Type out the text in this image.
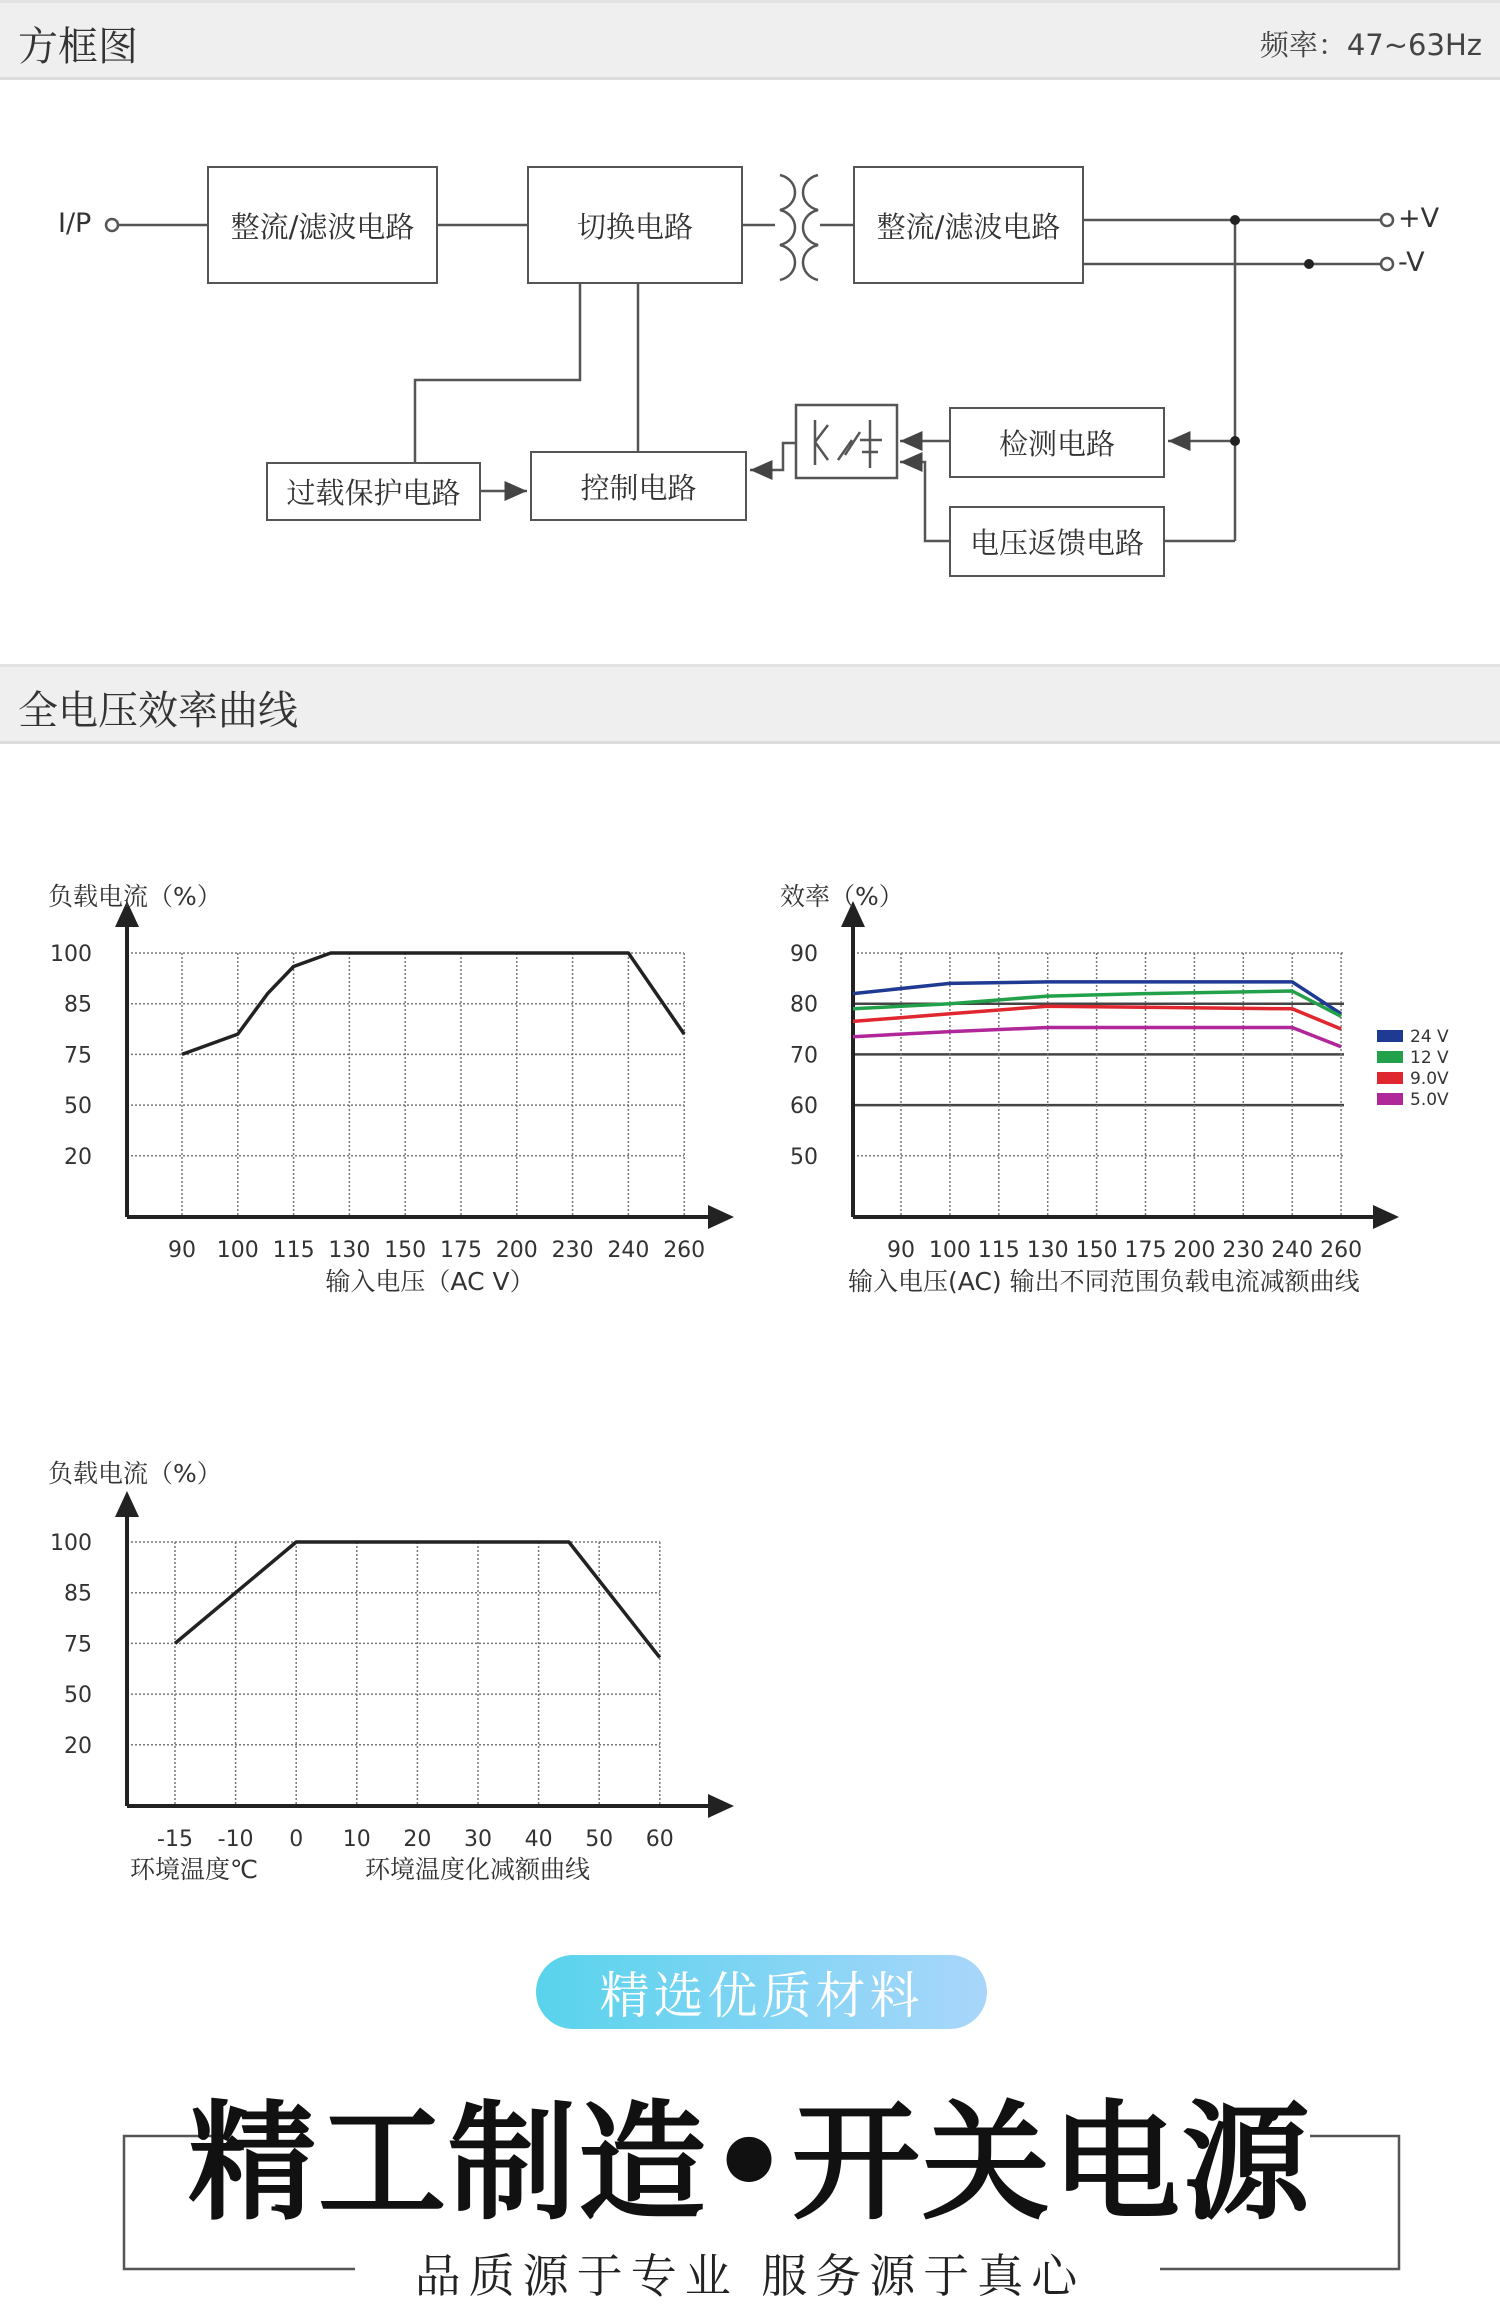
方框图	频率：47~63Hz
I/P	整流/滤波电路	切换电路	整流/滤波电路	+V
-V
过载保护电路	控制电路
检测电路
电压返馈电路
全电压效率曲线
100
85
75
50
20
90 100 115 130 150 175 200 230 240 260
负载电流（%）
输入电压（AC V）
90
80
70
60
50
90 100 115 130 150 175 200 230 240 260
效率（%）
输入电压(AC) 输出不同范围负载电流减额曲线
24 V
12 V
9.0V
5.0V
100
85
75
50
20
-15 -10 0 10 20 30 40 50 60
负载电流（%）
环境温度℃	环境温度化减额曲线
精选优质材料
精工制造•开关电源
品质源于专业 服务源于真心
